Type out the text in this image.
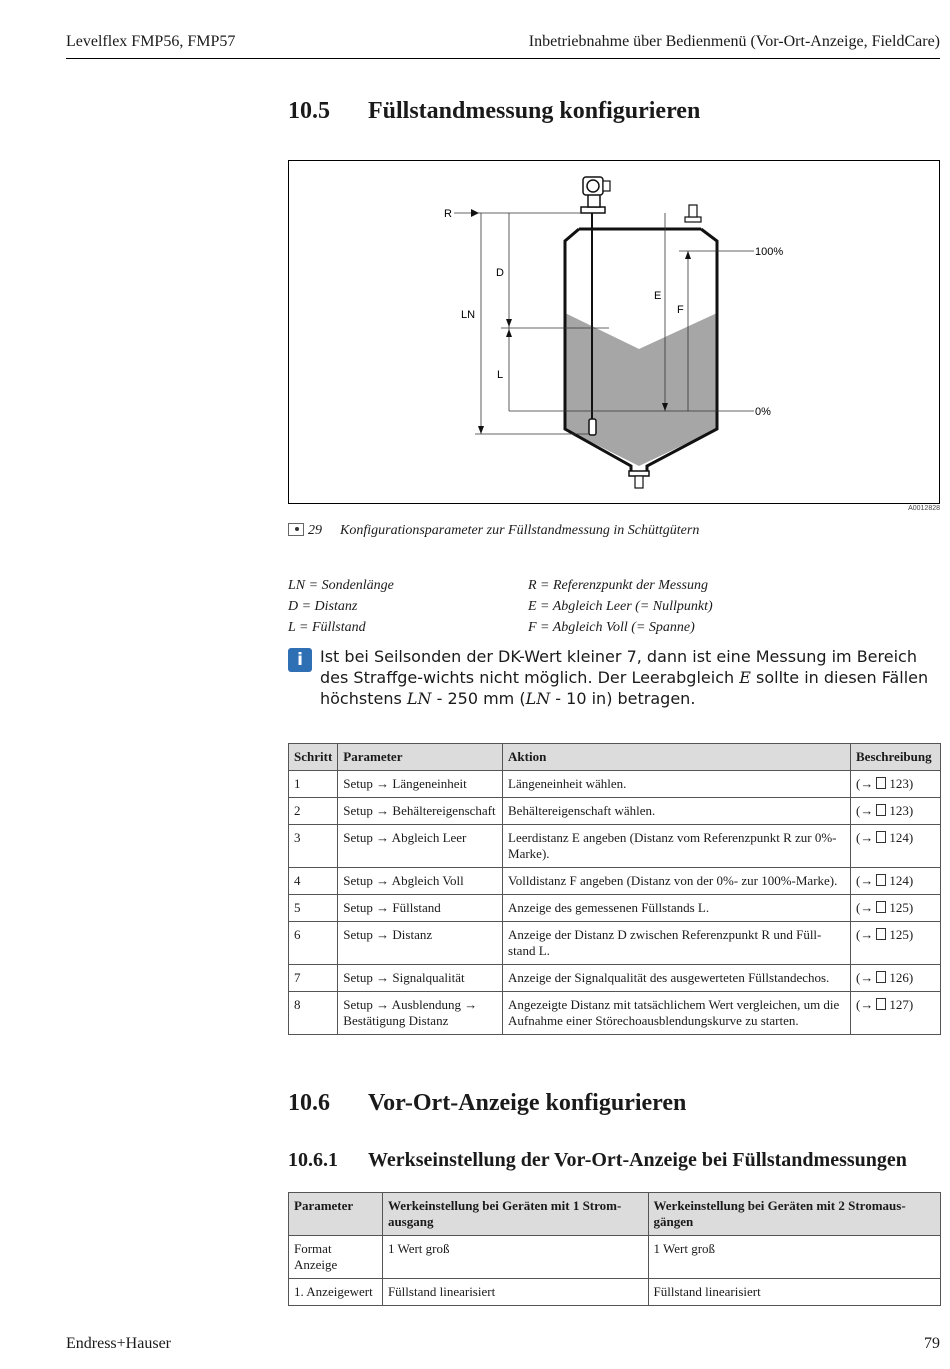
Levelflex FMP56, FMP57	Inbetriebnahme über Bedienmenü (Vor-Ort-Anzeige, FieldCare)
10.5 Füllstandmessung konfigurieren
R
LN
D
L
0%
100%
E
F
A0012828
29 Konfigurationsparameter zur Füllstandmessung in Schüttgütern
LN = Sondenlänge
D = Distanz
L = Füllstand
R = Referenzpunkt der Messung
E = Abgleich Leer (= Nullpunkt)
F = Abgleich Voll (= Spanne)
i	Ist bei Seilsonden der DK-Wert kleiner 7, dann ist eine Messung im Bereich des Straffge-wichts nicht möglich. Der Leerabgleich E sollte in diesen Fällen höchstens LN - 250 mm (LN - 10 in) betragen.
Schritt	Parameter	Aktion	Beschreibung
1	Setup → Längeneinheit	Längeneinheit wählen.	(→ 123)
2	Setup → Behältereigenschaft	Behältereigenschaft wählen.	(→ 123)
3	Setup → Abgleich Leer	Leerdistanz E angeben (Distanz vom Referenzpunkt R zur 0%-Marke).	(→ 124)
4	Setup → Abgleich Voll	Volldistanz F angeben (Distanz von der 0%- zur 100%-Marke).	(→ 124)
5	Setup → Füllstand	Anzeige des gemessenen Füllstands L.	(→ 125)
6	Setup → Distanz	Anzeige der Distanz D zwischen Referenzpunkt R und Füll-stand L.	(→ 125)
7	Setup → Signalqualität	Anzeige der Signalqualität des ausgewerteten Füllstandechos.	(→ 126)
8	Setup → Ausblendung → Bestätigung Distanz	Angezeigte Distanz mit tatsächlichem Wert vergleichen, um die Aufnahme einer Störechoausblendungskurve zu starten.	(→ 127)
10.6 Vor-Ort-Anzeige konfigurieren
10.6.1 Werkseinstellung der Vor-Ort-Anzeige bei Füllstandmessungen
Parameter	Werkeinstellung bei Geräten mit 1 Strom-ausgang	Werkeinstellung bei Geräten mit 2 Stromaus-gängen
Format Anzeige	1 Wert groß	1 Wert groß
1. Anzeigewert	Füllstand linearisiert	Füllstand linearisiert
Endress+Hauser	79
